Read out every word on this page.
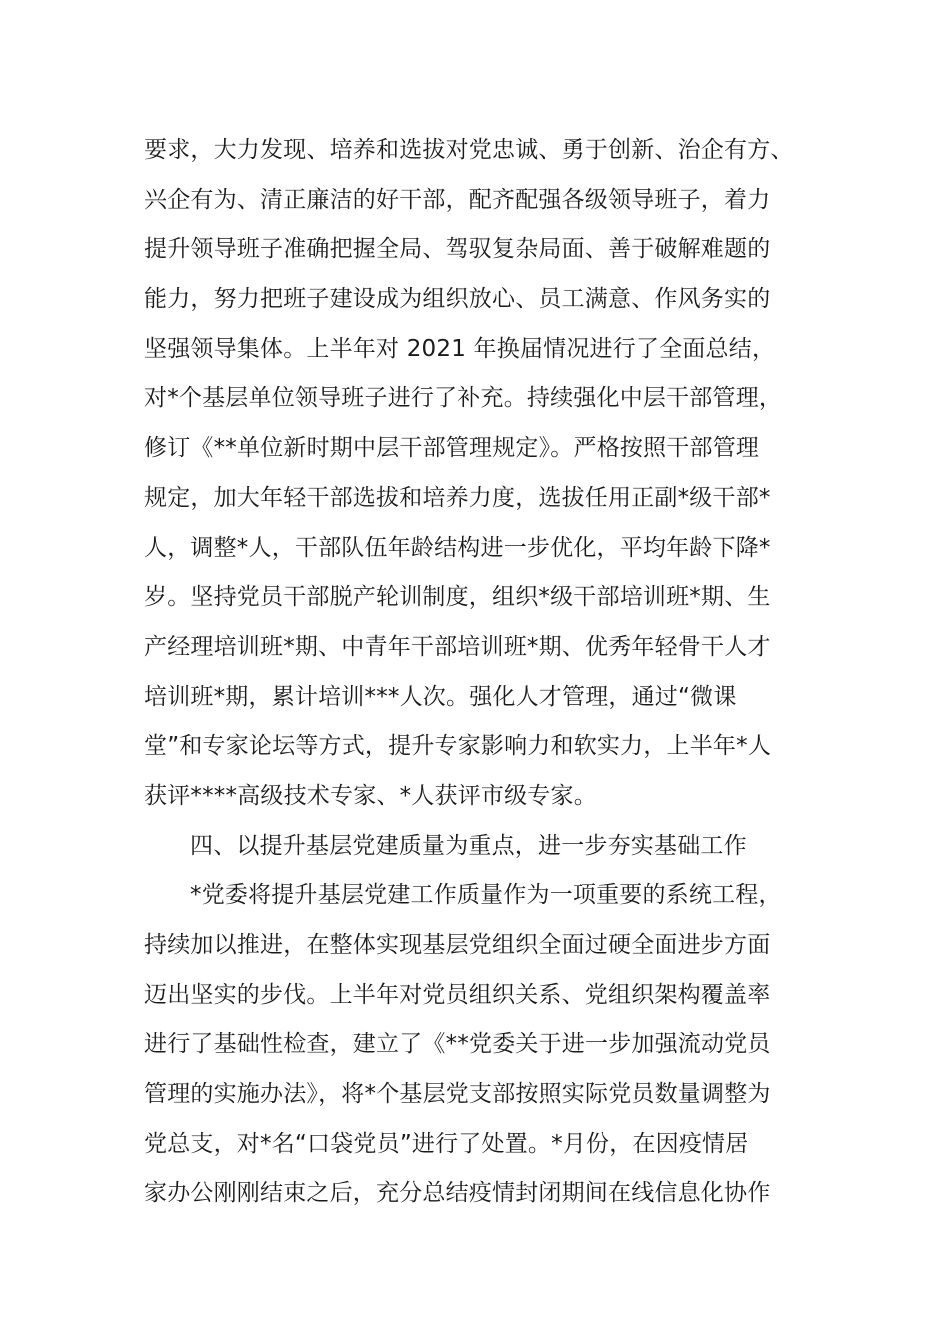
要求，大力发现、培养和选拔对党忠诚、勇于创新、治企有方、
兴企有为、清正廉洁的好干部，配齐配强各级领导班子，着力
提升领导班子准确把握全局、驾驭复杂局面、善于破解难题的
能力，努力把班子建设成为组织放心、员工满意、作风务实的
坚强领导集体。上半年对 2021 年换届情况进行了全面总结，
对*个基层单位领导班子进行了补充。持续强化中层干部管理，
修订《**单位新时期中层干部管理规定》。严格按照干部管理
规定，加大年轻干部选拔和培养力度，选拔任用正副*级干部*
人，调整*人，干部队伍年龄结构进一步优化，平均年龄下降*
岁。坚持党员干部脱产轮训制度，组织*级干部培训班*期、生
产经理培训班*期、中青年干部培训班*期、优秀年轻骨干人才
培训班*期，累计培训***人次。强化人才管理，通过“微课
堂”和专家论坛等方式，提升专家影响力和软实力，上半年*人
获评****高级技术专家、*人获评市级专家。
四、以提升基层党建质量为重点，进一步夯实基础工作
*党委将提升基层党建工作质量作为一项重要的系统工程，
持续加以推进，在整体实现基层党组织全面过硬全面进步方面
迈出坚实的步伐。上半年对党员组织关系、党组织架构覆盖率
进行了基础性检查，建立了《**党委关于进一步加强流动党员
管理的实施办法》，将*个基层党支部按照实际党员数量调整为
党总支，对*名“口袋党员”进行了处置。*月份，在因疫情居
家办公刚刚结束之后，充分总结疫情封闭期间在线信息化协作
